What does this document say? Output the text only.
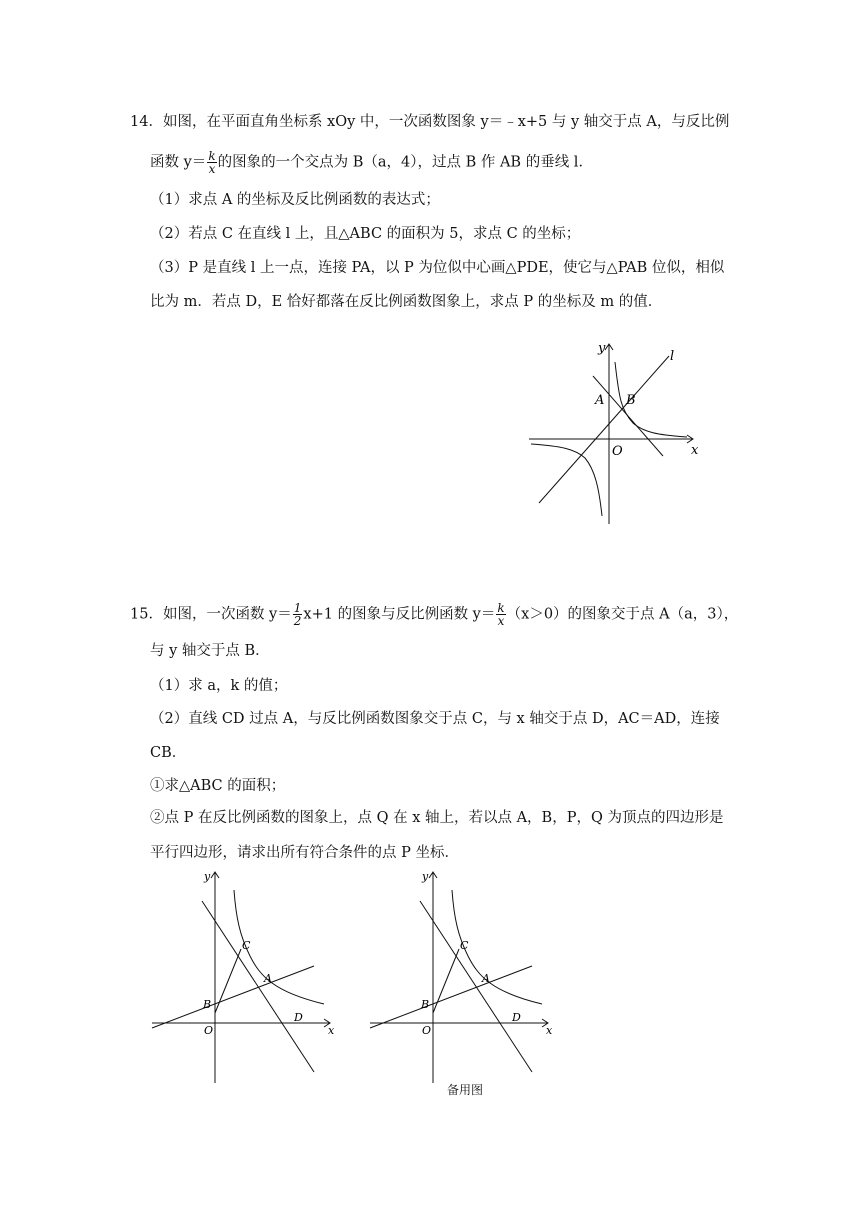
14．如图，在平面直角坐标系 xOy 中，一次函数图象 y＝﹣x+5 与 y 轴交于点 A，与反比例
函数 $y= \frac{k}{x}$ 的图象的一个交点为 B（a，4），过点 B 作 AB 的垂线 l．
（1）求点 A 的坐标及反比例函数的表达式；
（2）若点 C 在直线 l 上，且△ABC 的面积为 5，求点 C 的坐标；
（3）P 是直线 l 上一点，连接 PA，以 P 为位似中心画△PDE，使它与△PAB 位似，相似
比为 m．若点 D，E 恰好都落在反比例函数图象上，求点 P 的坐标及 m 的值．
y
x
O
A B
l
15．如图，一次函数 $y= \frac{1}{2} x+1$ 的图象与反比例函数 $y= \frac{k}{x} (x>0)$的图象交于点 A（a，3），
与 y 轴交于点 B．
（1）求 a，k 的值；
（2）直线 CD 过点 A，与反比例函数图象交于点 C，与 x 轴交于点 D，AC＝AD，连接
CB．
①求△ABC 的面积；
②点 P 在反比例函数的图象上，点 Q 在 x 轴上，若以点 A，B，P，Q 为顶点的四边形是
平行四边形，请求出所有符合条件的点 P 坐标．
y
x
O
B
C
A
D
y
x
O
B
C
A
D
备用图
